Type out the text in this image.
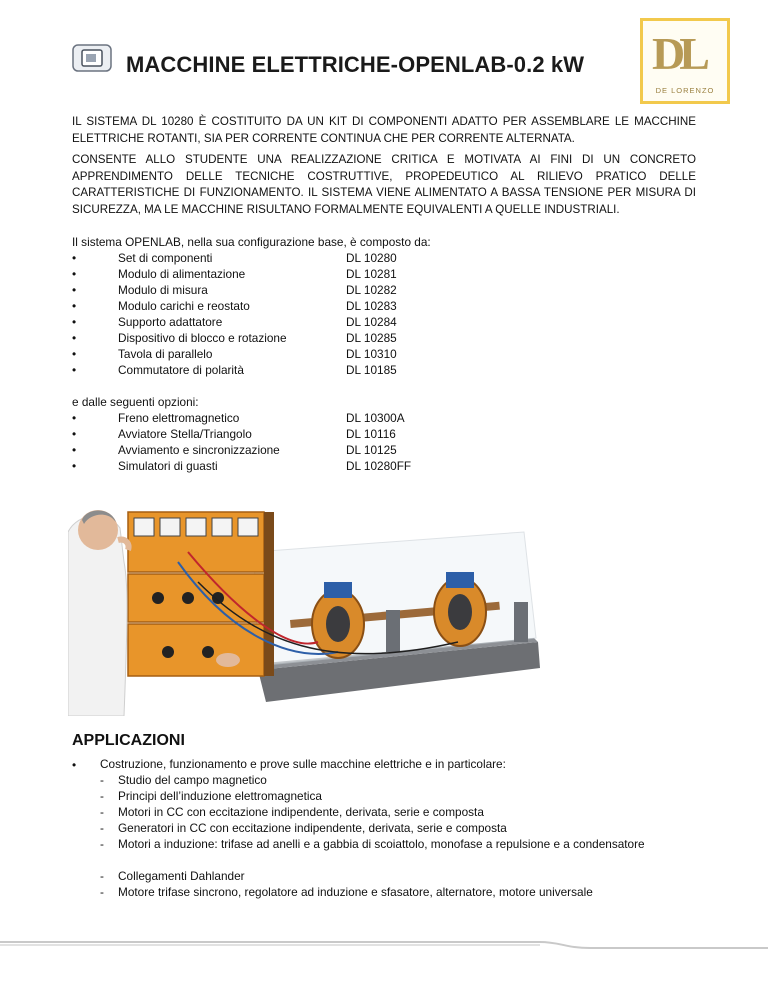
MACCHINE ELETTRICHE-OPENLAB-0.2 kW DL
DE LORENZO
IL SISTEMA DL 10280 È COSTITUITO DA UN KIT DI COMPONENTI ADATTO PER ASSEMBLARE LE MACCHINE ELETTRICHE ROTANTI, SIA PER CORRENTE CONTINUA CHE PER CORRENTE ALTERNATA.
CONSENTE ALLO STUDENTE UNA REALIZZAZIONE CRITICA E MOTIVATA AI FINI DI UN CONCRETO APPRENDIMENTO DELLE TECNICHE COSTRUTTIVE, PROPEDEUTICO AL RILIEVO PRATICO DELLE CARATTERISTICHE DI FUNZIONAMENTO. IL SISTEMA VIENE ALIMENTATO A BASSA TENSIONE PER MISURA DI SICUREZZA, MA LE MACCHINE RISULTANO FORMALMENTE EQUIVALENTI A QUELLE INDUSTRIALI.
Il sistema OPENLAB, nella sua configurazione base, è composto da:
•	Set di componenti	DL 10280
•	Modulo di alimentazione	DL 10281
•	Modulo di misura	DL 10282
•	Modulo carichi e reostato	DL 10283
•	Supporto adattatore	DL 10284
•	Dispositivo di blocco e rotazione	DL 10285
•	Tavola di parallelo	DL 10310
•	Commutatore di polarità	DL 10185
e dalle seguenti opzioni:
•	Freno elettromagnetico	DL 10300A
•	Avviatore Stella/Triangolo	DL 10116
•	Avviamento e sincronizzazione	DL 10125
•	Simulatori di guasti	DL 10280FF
APPLICAZIONI
• Costruzione, funzionamento e prove sulle macchine elettriche e in particolare:
- Studio del campo magnetico
- Principi dell’induzione elettromagnetica
- Motori in CC con eccitazione indipendente, derivata, serie e composta
- Generatori in CC con eccitazione indipendente, derivata, serie e composta
- Motori a induzione: trifase ad anelli e a gabbia di scoiattolo, monofase a repulsione e a condensatore
- Collegamenti Dahlander
- Motore trifase sincrono, regolatore ad induzione e sfasatore, alternatore, motore universale
